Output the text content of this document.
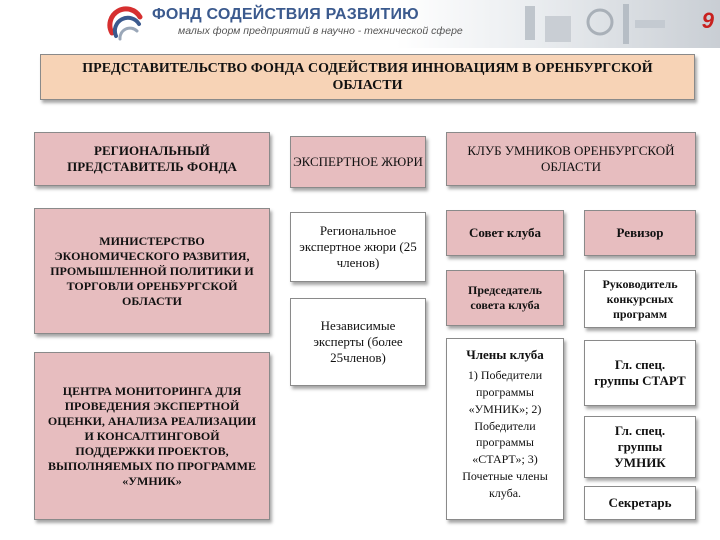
ФОНД СОДЕЙСТВИЯ РАЗВИТИЮ
малых форм предприятий в научно - технической сфере	9
ПРЕДСТАВИТЕЛЬСТВО ФОНДА СОДЕЙСТВИЯ ИННОВАЦИЯМ В ОРЕНБУРГСКОЙ ОБЛАСТИ
РЕГИОНАЛЬНЫЙ ПРЕДСТАВИТЕЛЬ ФОНДА
МИНИСТЕРСТВО ЭКОНОМИЧЕСКОГО РАЗВИТИЯ, ПРОМЫШЛЕННОЙ ПОЛИТИКИ И ТОРГОВЛИ ОРЕНБУРГСКОЙ ОБЛАСТИ
ЦЕНТРА МОНИТОРИНГА ДЛЯ ПРОВЕДЕНИЯ ЭКСПЕРТНОЙ ОЦЕНКИ, АНАЛИЗА РЕАЛИЗАЦИИ И КОНСАЛТИНГОВОЙ ПОДДЕРЖКИ ПРОЕКТОВ, ВЫПОЛНЯЕМЫХ ПО ПРОГРАММЕ «УМНИК»
ЭКСПЕРТНОЕ ЖЮРИ
Региональное экспертное жюри (25 членов)
Независимые эксперты (более 25членов)
КЛУБ УМНИКОВ ОРЕНБУРГСКОЙ ОБЛАСТИ
Совет клуба
Председатель совета клуба
Члены клуба
1) Победители программы «УМНИК»; 2) Победители программы «СТАРТ»; 3) Почетные члены клуба.
Ревизор
Руководитель конкурсных программ
Гл. спец. группы СТАРТ
Гл. спец. группы УМНИК
Секретарь
